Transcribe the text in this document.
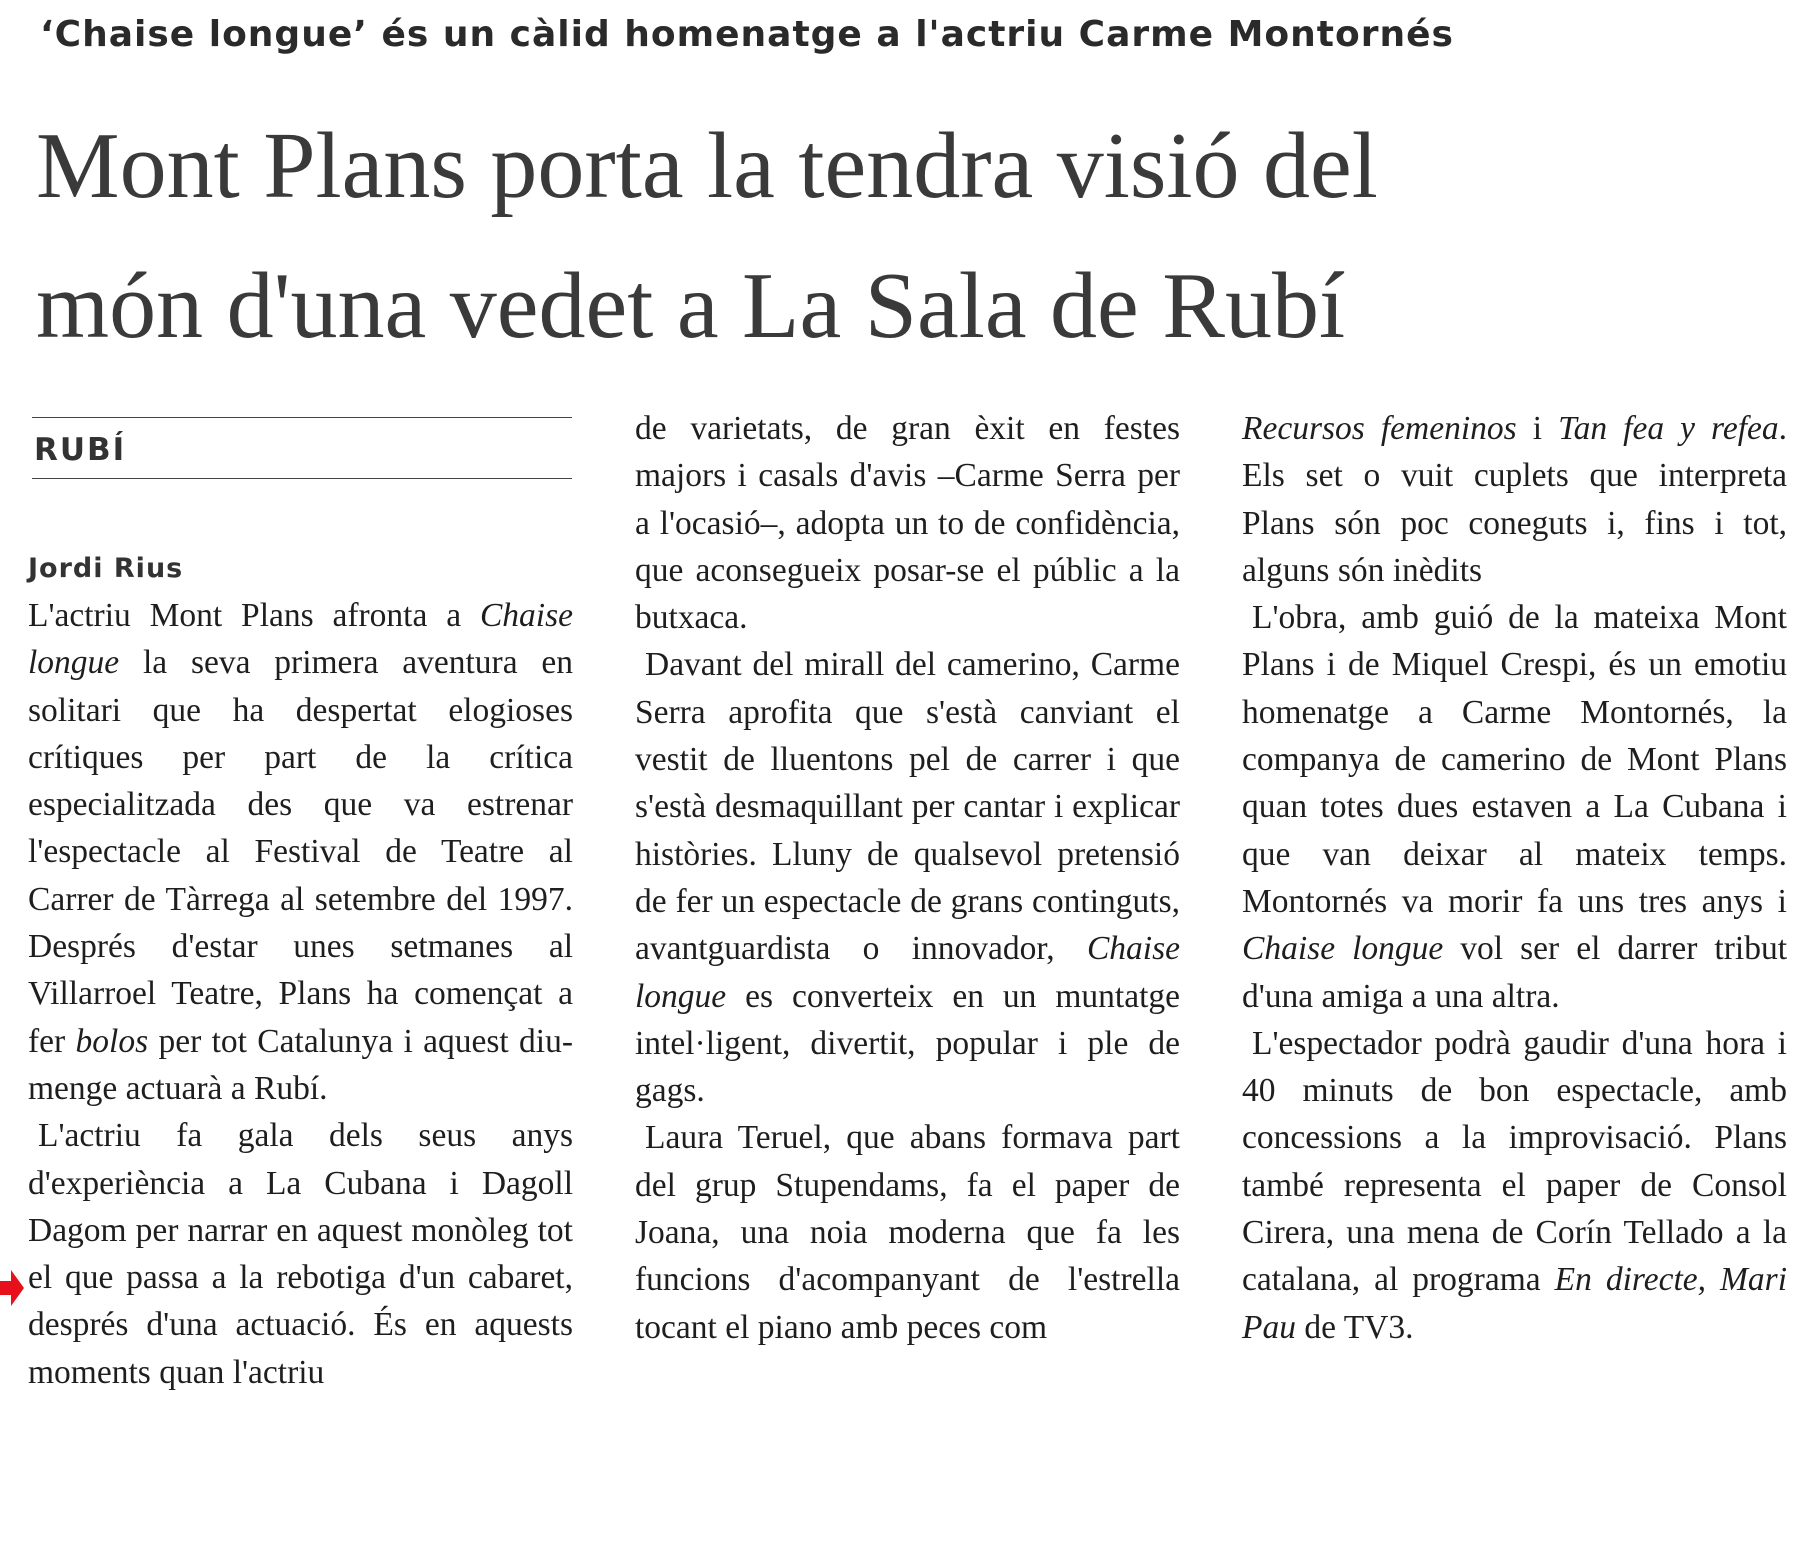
‘Chaise longue’ és un càlid homenatge a l'actriu Carme Montornés
Mont Plans porta la tendra visió del
món d'una vedet a La Sala de Rubí
RUBÍ
Jordi Rius

L'actriu Mont Plans afronta a Chaise longue la seva primera aventura en solitari que ha despertat elogioses crítiques per part de la crítica especialitzada des que va estrenar l'espectacle al Festival de Teatre al Carrer de Tàrrega al setembre del 1997. Després d'estar unes setmanes al Villarroel Teatre, Plans ha començat a fer bolos per tot Catalunya i aquest diumenge actuarà a Rubí.

L'actriu fa gala dels seus anys d'experiència a La Cubana i Dagoll Dagom per narrar en aquest monòleg tot el que passa a la rebotiga d'un cabaret, després d'una actuació. És en aquests moments quan l'actriu

de varietats, de gran èxit en festes majors i casals d'avis –Carme Serra per a l'ocasió–, adopta un to de confidència, que aconsegueix posar-se el públic a la butxaca.

Davant del mirall del camerino, Carme Serra aprofita que s'està canviant el vestit de lluentons pel de carrer i que s'està desmaquillant per cantar i explicar històries. Lluny de qualsevol pretensió de fer un espectacle de grans continguts, avantguardista o innovador, Chaise longue es converteix en un muntatge intel·ligent, divertit, popular i ple de gags.

Laura Teruel, que abans formava part del grup Stupendams, fa el paper de Joana, una noia moderna que fa les funcions d'acompanyant de l'estrella tocant el piano amb peces com

Recursos femeninos i Tan fea y refea. Els set o vuit cuplets que interpreta Plans són poc coneguts i, fins i tot, alguns són inèdits

L'obra, amb guió de la mateixa Mont Plans i de Miquel Crespi, és un emotiu homenatge a Carme Montornés, la companya de camerino de Mont Plans quan totes dues estaven a La Cubana i que van deixar al mateix temps. Montornés va morir fa uns tres anys i Chaise longue vol ser el darrer tribut d'una amiga a una altra.

L'espectador podrà gaudir d'una hora i 40 minuts de bon espectacle, amb concessions a la improvisació. Plans també representa el paper de Consol Cirera, una mena de Corín Tellado a la catalana, al programa En directe, Mari Pau de TV3.
